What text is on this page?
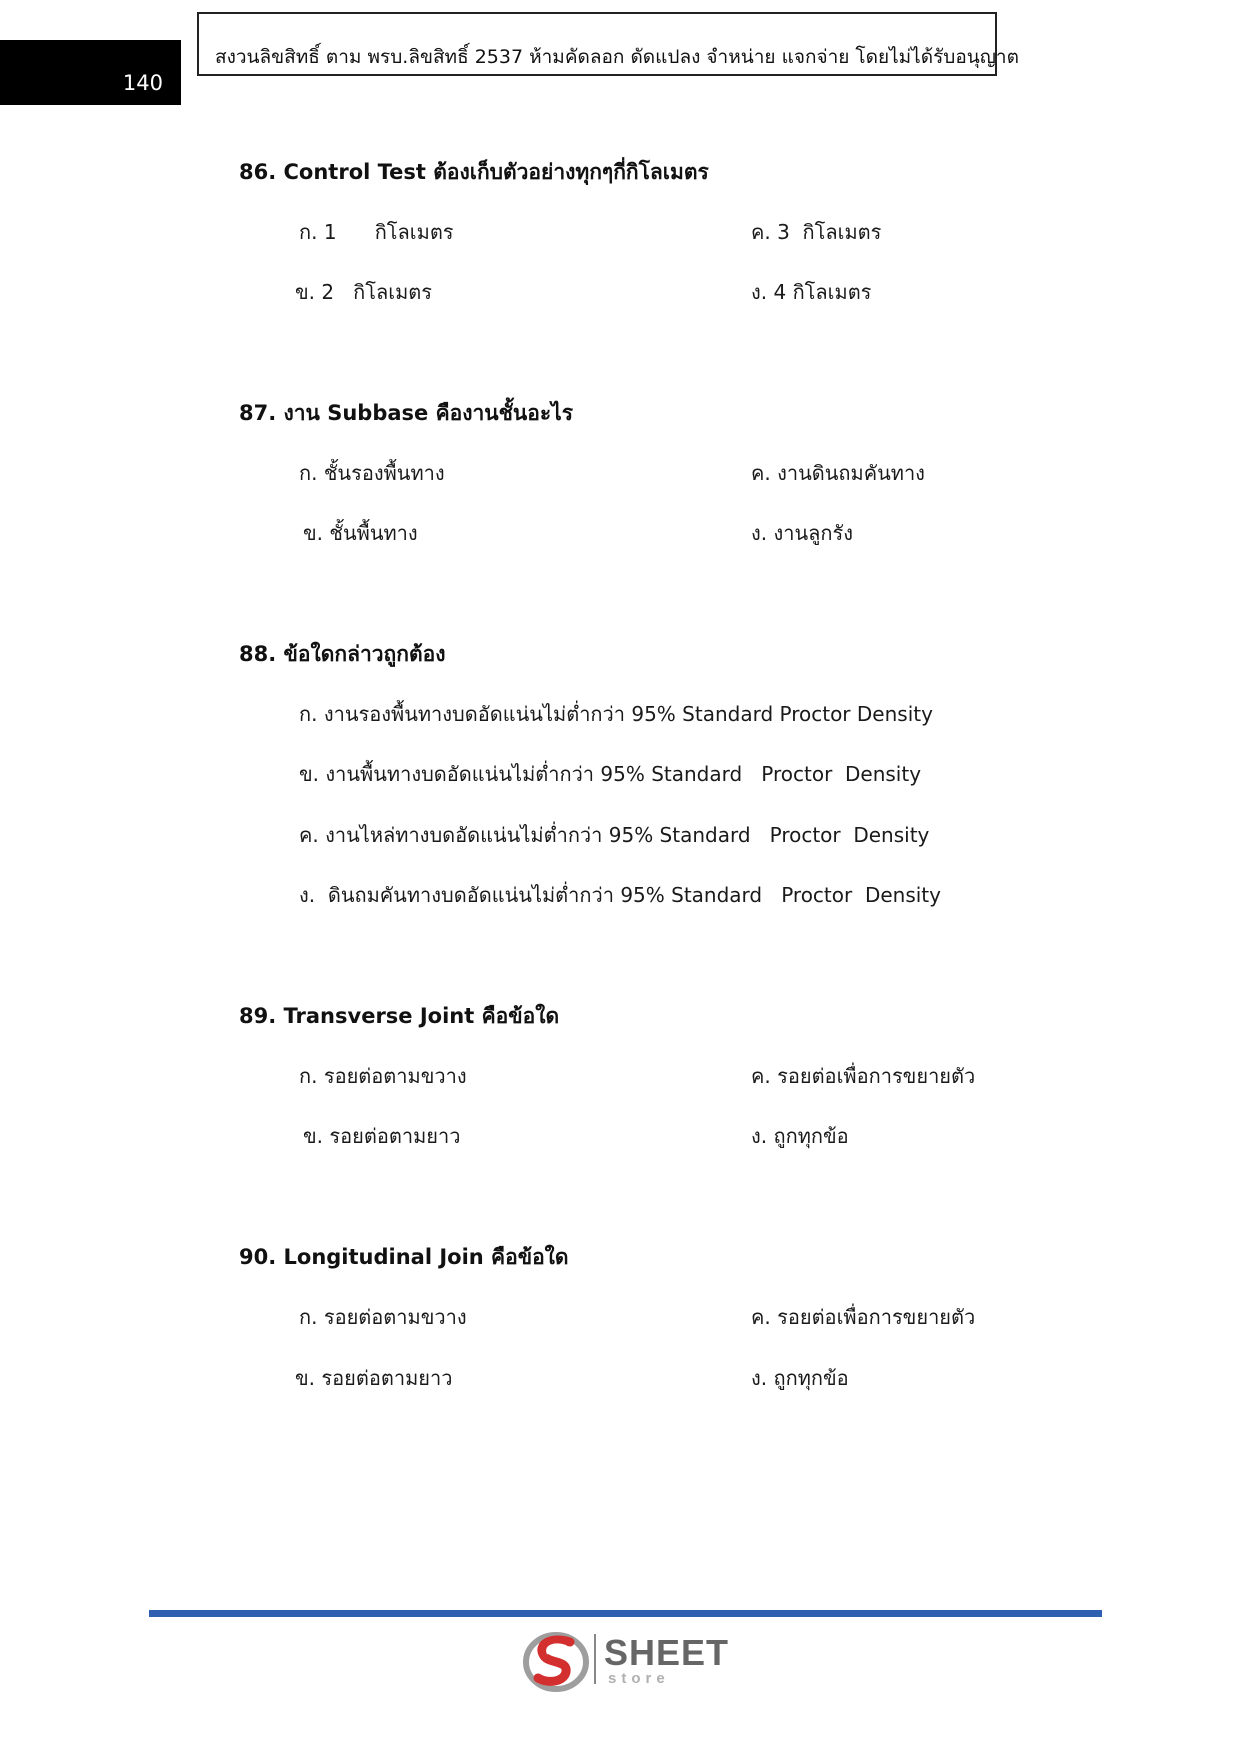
140
สงวนลิขสิทธิ์ ตาม พรบ.ลิขสิทธิ์ 2537 ห้ามคัดลอก ดัดแปลง จำหน่าย แจกจ่าย โดยไม่ได้รับอนุญาต
86. Control Test ต้องเก็บตัวอย่างทุกๆกี่กิโลเมตร
ก. 1      กิโลเมตร	ค. 3  กิโลเมตร
ข. 2   กิโลเมตร	ง. 4 กิโลเมตร
87. งาน Subbase คืองานชั้นอะไร
ก. ชั้นรองพื้นทาง	ค. งานดินถมคันทาง
ข. ชั้นพื้นทาง	ง. งานลูกรัง
88. ข้อใดกล่าวถูกต้อง
ก. งานรองพื้นทางบดอัดแน่นไม่ต่ำกว่า 95% Standard Proctor Density
ข. งานพื้นทางบดอัดแน่นไม่ต่ำกว่า 95% Standard   Proctor  Density
ค. งานไหล่ทางบดอัดแน่นไม่ต่ำกว่า 95% Standard   Proctor  Density
ง.  ดินถมคันทางบดอัดแน่นไม่ต่ำกว่า 95% Standard   Proctor  Density
89. Transverse Joint คือข้อใด
ก. รอยต่อตามขวาง	ค. รอยต่อเพื่อการขยายตัว
ข. รอยต่อตามยาว	ง. ถูกทุกข้อ
90. Longitudinal Join คือข้อใด
ก. รอยต่อตามขวาง	ค. รอยต่อเพื่อการขยายตัว
ข. รอยต่อตามยาว	ง. ถูกทุกข้อ
SHEET
store
